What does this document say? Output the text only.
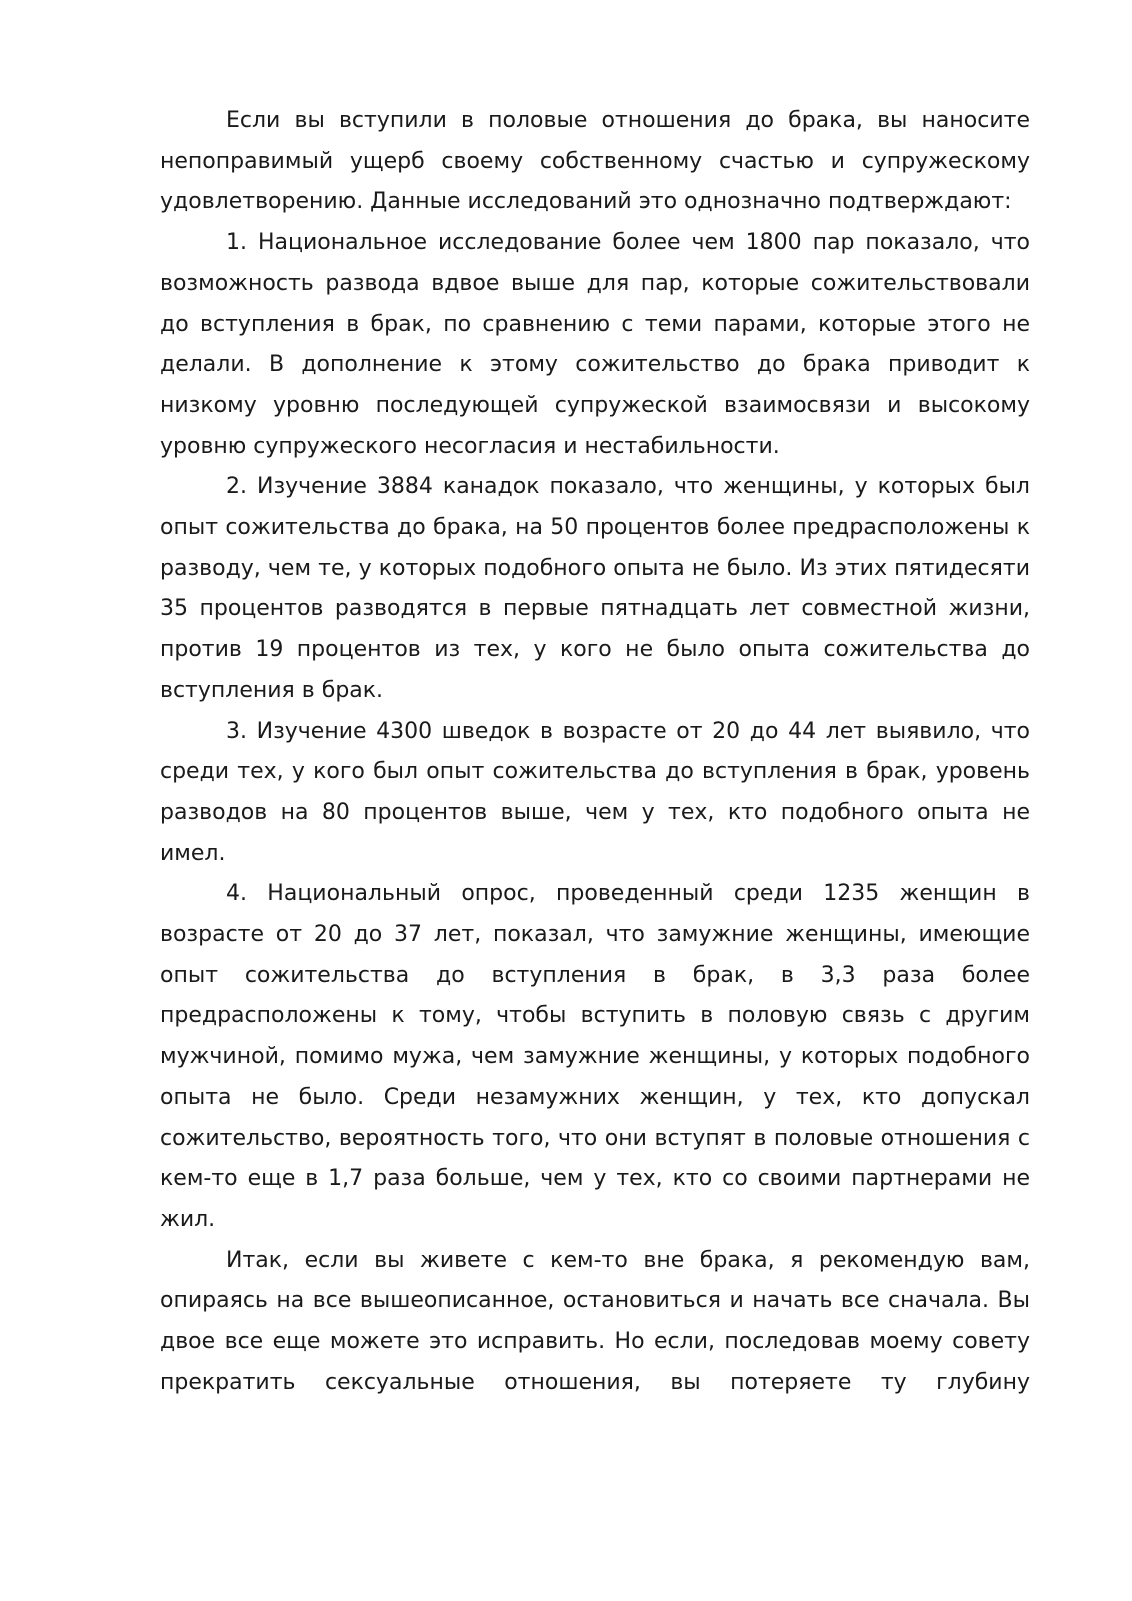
Если вы вступили в половые отношения до брака, вы наносите непоправимый ущерб своему собственному счастью и супружескому удовлетворению. Данные исследований это однозначно подтверждают:

1. Национальное исследование более чем 1800 пар показало, что возможность развода вдвое выше для пар, которые сожительствовали до вступления в брак, по сравнению с теми парами, которые этого не делали. В дополнение к этому сожительство до брака приводит к низкому уровню последующей супружеской взаимосвязи и высокому уровню супружеского несогласия и нестабильности.

2. Изучение 3884 канадок показало, что женщины, у которых был опыт сожительства до брака, на 50 процентов более предрасположены к разводу, чем те, у которых подобного опыта не было. Из этих пятидесяти 35 процентов разводятся в первые пятнадцать лет совместной жизни, против 19 процентов из тех, у кого не было опыта сожительства до вступления в брак.

3. Изучение 4300 шведок в возрасте от 20 до 44 лет выявило, что среди тех, у кого был опыт сожительства до вступления в брак, уровень разводов на 80 процентов выше, чем у тех, кто подобного опыта не имел.

4. Национальный опрос, проведенный среди 1235 женщин в возрасте от 20 до 37 лет, показал, что замужние женщины, имеющие опыт сожительства до вступления в брак, в 3,3 раза более предрасположены к тому, чтобы вступить в половую связь с другим мужчиной, помимо мужа, чем замужние женщины, у которых подобного опыта не было. Среди незамужних женщин, у тех, кто допускал сожительство, вероятность того, что они вступят в половые отношения с кем-то еще в 1,7 раза больше, чем у тех, кто со своими партнерами не жил.

Итак, если вы живете с кем-то вне брака, я рекомендую вам, опираясь на все вышеописанное, остановиться и начать все сначала. Вы двое все еще можете это исправить. Но если, последовав моему совету прекратить сексуальные отношения, вы потеряете ту глубину
